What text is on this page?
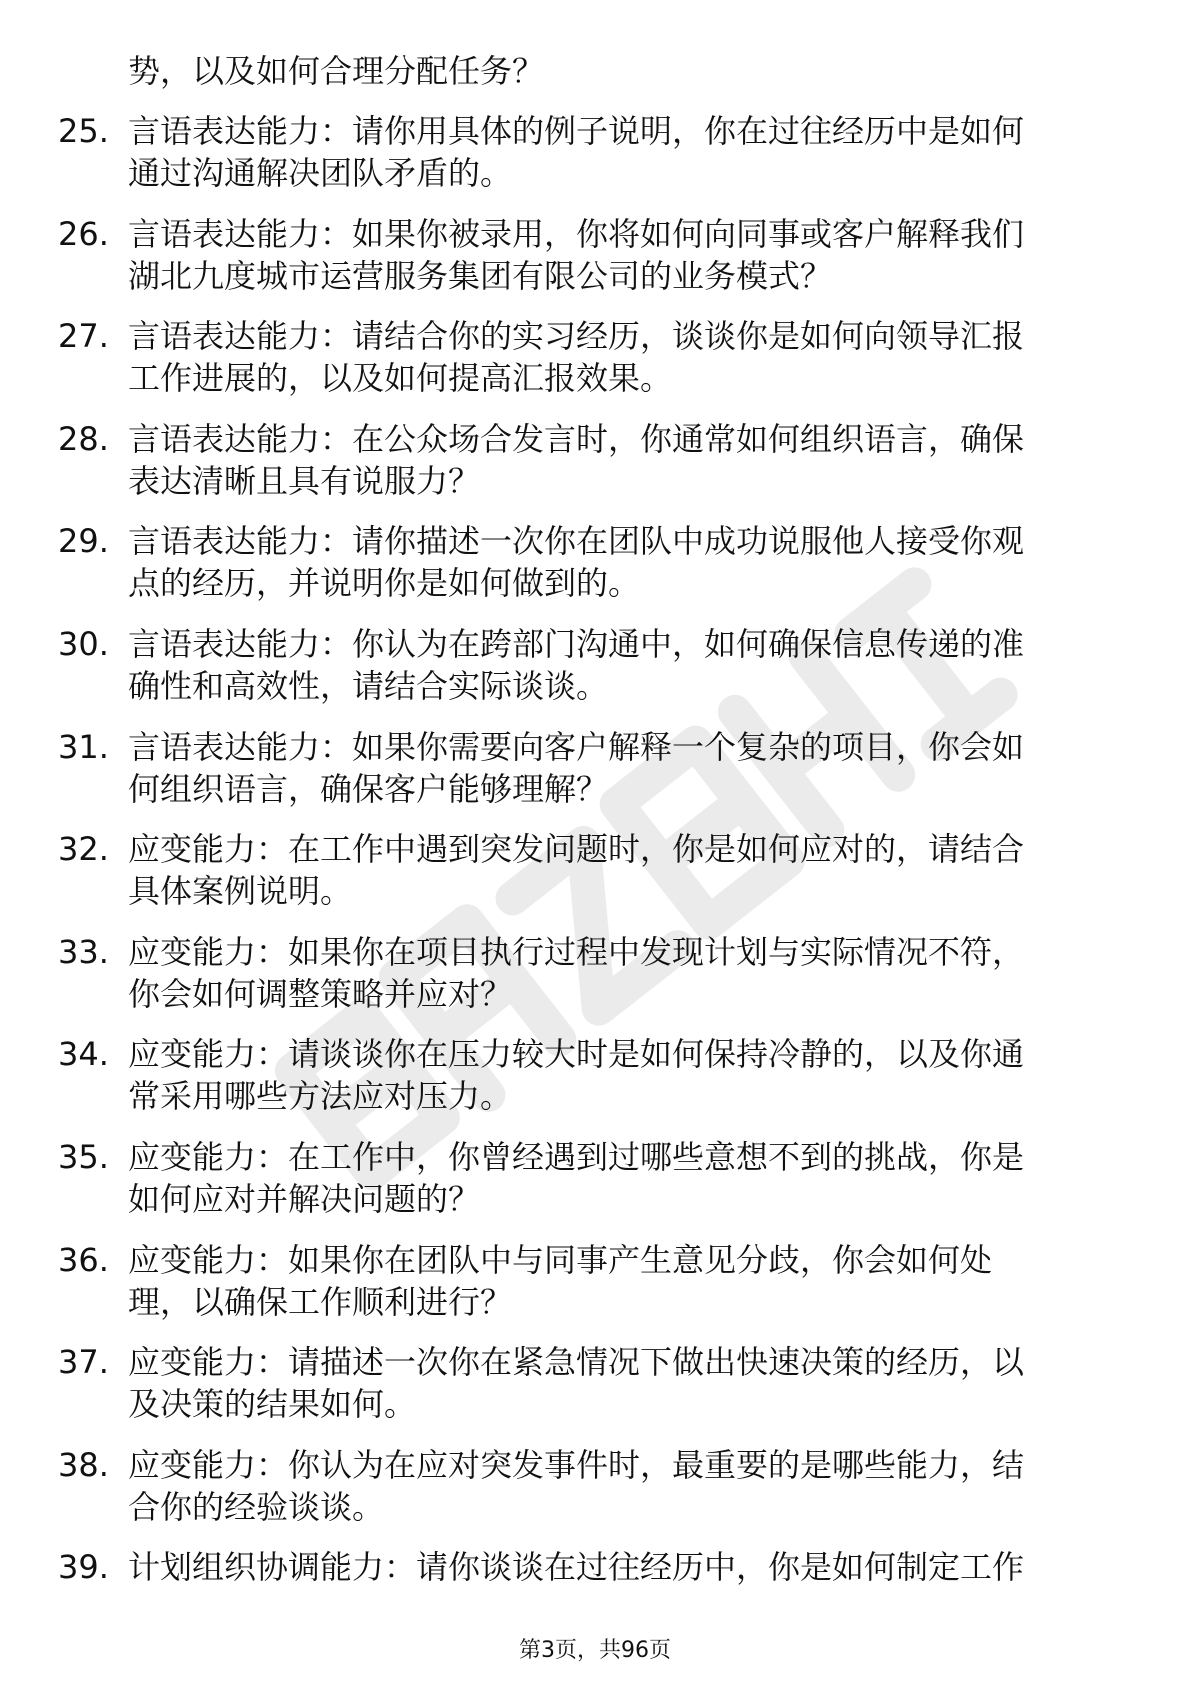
势，以及如何合理分配任务？
25. 言语表达能力：请你用具体的例子说明，你在过往经历中是如何
通过沟通解决团队矛盾的。
26. 言语表达能力：如果你被录用，你将如何向同事或客户解释我们
湖北九度城市运营服务集团有限公司的业务模式？
27. 言语表达能力：请结合你的实习经历，谈谈你是如何向领导汇报
工作进展的，以及如何提高汇报效果。
28. 言语表达能力：在公众场合发言时，你通常如何组织语言，确保
表达清晰且具有说服力？
29. 言语表达能力：请你描述一次你在团队中成功说服他人接受你观
点的经历，并说明你是如何做到的。
30. 言语表达能力：你认为在跨部门沟通中，如何确保信息传递的准
确性和高效性，请结合实际谈谈。
31. 言语表达能力：如果你需要向客户解释一个复杂的项目，你会如
何组织语言，确保客户能够理解？
32. 应变能力：在工作中遇到突发问题时，你是如何应对的，请结合
具体案例说明。
33. 应变能力：如果你在项目执行过程中发现计划与实际情况不符，
你会如何调整策略并应对？
34. 应变能力：请谈谈你在压力较大时是如何保持冷静的，以及你通
常采用哪些方法应对压力。
35. 应变能力：在工作中，你曾经遇到过哪些意想不到的挑战，你是
如何应对并解决问题的？
36. 应变能力：如果你在团队中与同事产生意见分歧，你会如何处
理，以确保工作顺利进行？
37. 应变能力：请描述一次你在紧急情况下做出快速决策的经历，以
及决策的结果如何。
38. 应变能力：你认为在应对突发事件时，最重要的是哪些能力，结
合你的经验谈谈。
39. 计划组织协调能力：请你谈谈在过往经历中，你是如何制定工作
第3页，共96页
